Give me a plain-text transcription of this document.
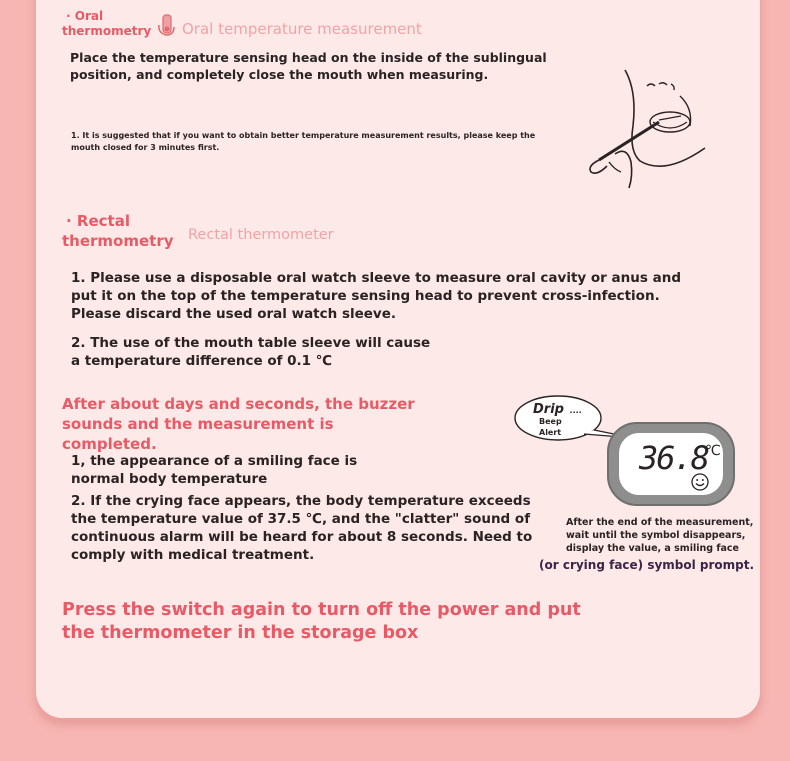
· Oral
thermometry Oral temperature measurement
Place the temperature sensing head on the inside of the sublingual position, and completely close the mouth when measuring.
1. It is suggested that if you want to obtain better temperature measurement results, please keep the
mouth closed for 3 minutes first.
· Rectal
thermometry Rectal thermometer
1. Please use a disposable oral watch sleeve to measure oral cavity or anus and put it on the top of the temperature sensing head to prevent cross-infection. Please discard the used oral watch sleeve.
2. The use of the mouth table sleeve will cause a temperature difference of 0.1 ℃
After about days and seconds, the buzzer sounds and the measurement is completed.
1, the appearance of a smiling face is normal body temperature
2. If the crying face appears, the body temperature exceeds the temperature value of 37.5 ℃, and the "clatter" sound of continuous alarm will be heard for about 8 seconds. Need to comply with medical treatment.
Drip ....
Beep
Alert
36.8
℃
After the end of the measurement,
wait until the symbol disappears,
display the value, a smiling face
(or crying face) symbol prompt.
Press the switch again to turn off the power and put the thermometer in the storage box
